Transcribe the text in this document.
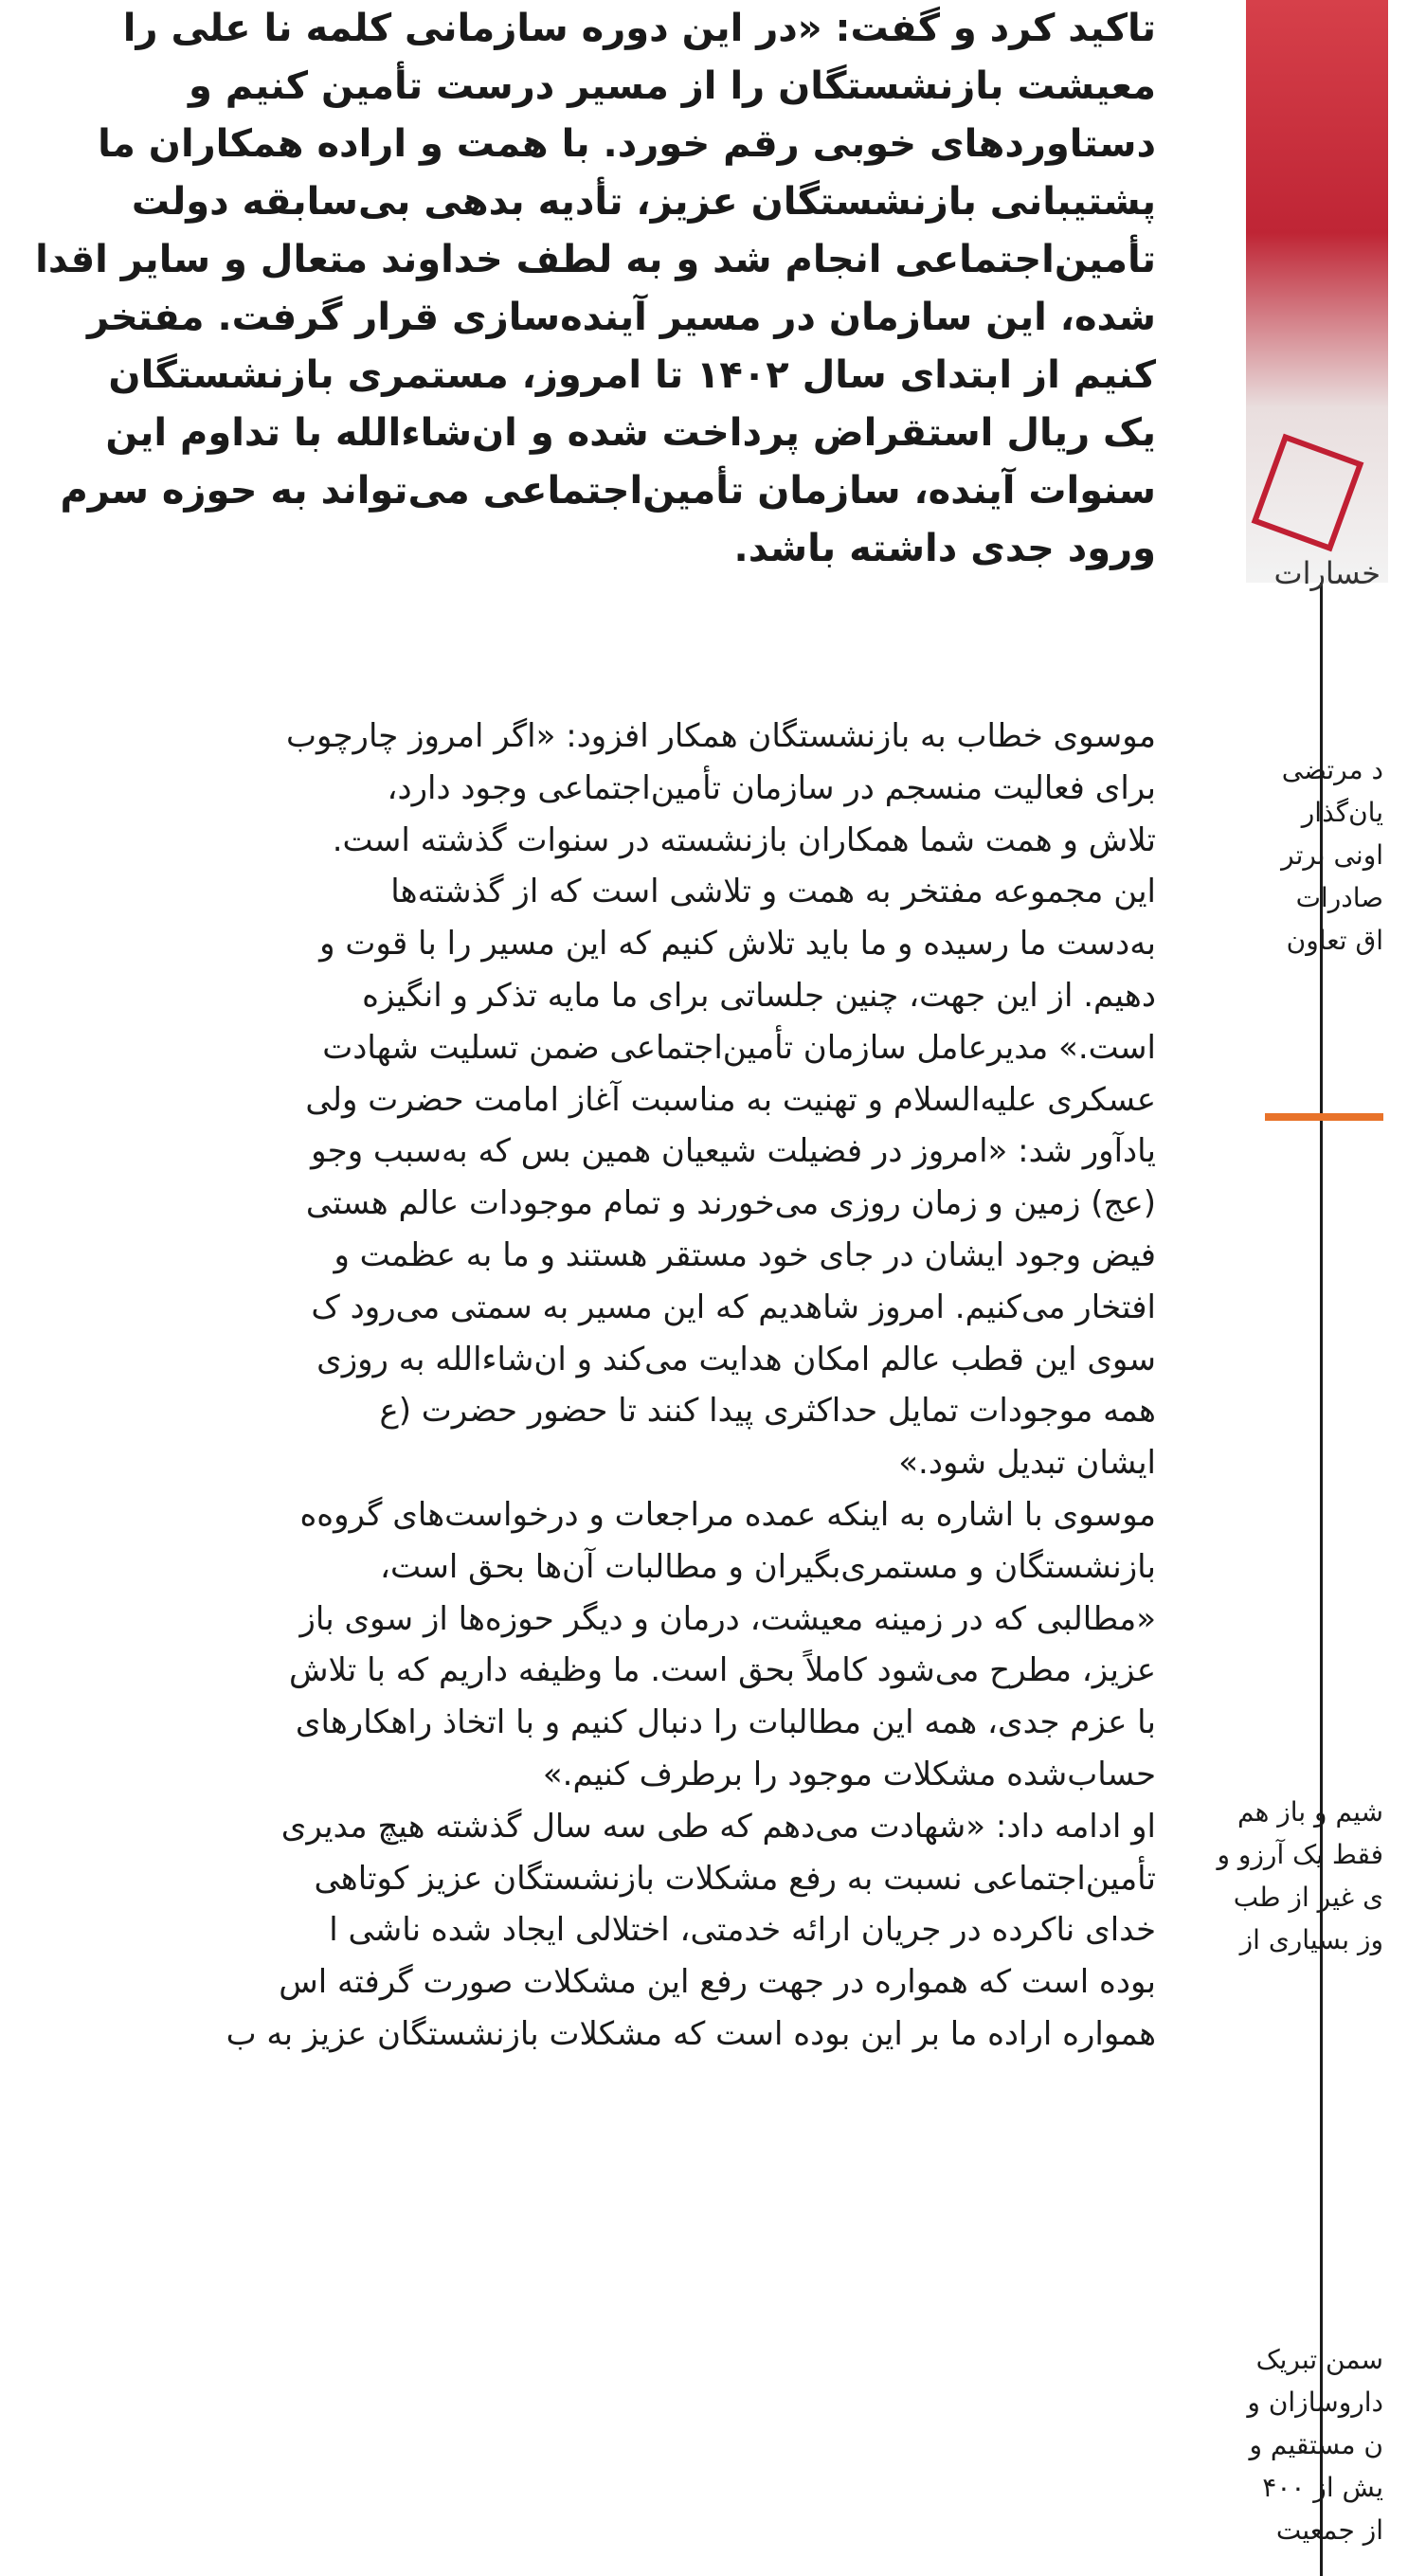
تاکید کرد و گفت: «در این دوره سازمانی کلمه نا علی را

معیشت بازنشستگان را از مسیر درست تأمین کنیم و

دستاوردهای خوبی رقم خورد. با همت و اراده همکاران ما

پشتیبانی بازنشستگان عزیز، تأدیه بدهی بی‌سابقه دولت

تأمین‌اجتماعی انجام شد و به لطف خداوند متعال و سایر اقدا

شده، این سازمان در مسیر آینده‌سازی قرار گرفت. مفتخر

کنیم از ابتدای سال ۱۴۰۲ تا امروز، مستمری بازنشستگان

یک ریال استقراض پرداخت شده و ان‌شاءالله با تداوم این

سنوات آینده، سازمان تأمین‌اجتماعی می‌تواند به حوزه سرم

ورود جدی داشته باشد.

موسوی خطاب به بازنشستگان همکار افزود: «اگر امروز چارچوب

برای فعالیت منسجم در سازمان تأمین‌اجتماعی وجود دارد،

تلاش و همت شما همکاران بازنشسته در سنوات گذشته است.

این مجموعه مفتخر به همت و تلاشی است که از گذشته‌ها

به‌دست ما رسیده و ما باید تلاش کنیم که این مسیر را با قوت و

دهیم. از این جهت، چنین جلساتی برای ما مایه تذکر و انگیزه

است.» مدیرعامل سازمان تأمین‌اجتماعی ضمن تسلیت شهادت

عسکری علیه‌السلام و تهنیت به مناسبت آغاز امامت حضرت ولی

یادآور شد: «امروز در فضیلت شیعیان همین بس که به‌سبب وجو

(عج) زمین و زمان روزی می‌خورند و تمام موجودات عالم هستی

فیض وجود ایشان در جای خود مستقر هستند و ما به عظمت و

افتخار می‌کنیم. امروز شاهدیم که این مسیر به سمتی می‌رود ک

سوی این قطب عالم امکان هدایت می‌کند و ان‌شاءالله به روزی

همه موجودات تمایل حداکثری پیدا کنند تا حضور حضرت (ع

ایشان تبدیل شود.»

موسوی با اشاره به اینکه عمده مراجعات و درخواست‌های گروه‌ه

بازنشستگان و مستمری‌بگیران و مطالبات آن‌ها بحق است،

«مطالبی که در زمینه معیشت، درمان و دیگر حوزه‌ها از سوی باز

عزیز، مطرح می‌شود کاملاً بحق است. ما وظیفه داریم که با تلاش

با عزم جدی، همه این مطالبات را دنبال کنیم و با اتخاذ راهکارهای

حساب‌شده مشکلات موجود را برطرف کنیم.»

او ادامه داد: «شهادت می‌دهم که طی سه سال گذشته هیچ مدیری

تأمین‌اجتماعی نسبت به رفع مشکلات بازنشستگان عزیز کوتاهی

خدای ناکرده در جریان ارائه خدمتی، اختلالی ایجاد شده ناشی ا

بوده است که همواره در جهت رفع این مشکلات صورت گرفته اس

همواره اراده ما بر این بوده است که مشکلات بازنشستگان عزیز به ب

خسارات

د مرتضی

یان‌گذار

اونی برتر

صادرات

اق تعاون

شیم و باز هم

فقط یک آرزو و

ی غیر از طب

وز بسیاری از

سمن تبریک

داروسازان و

ن مستقیم و

یش از ۴۰۰

از جمعیت
